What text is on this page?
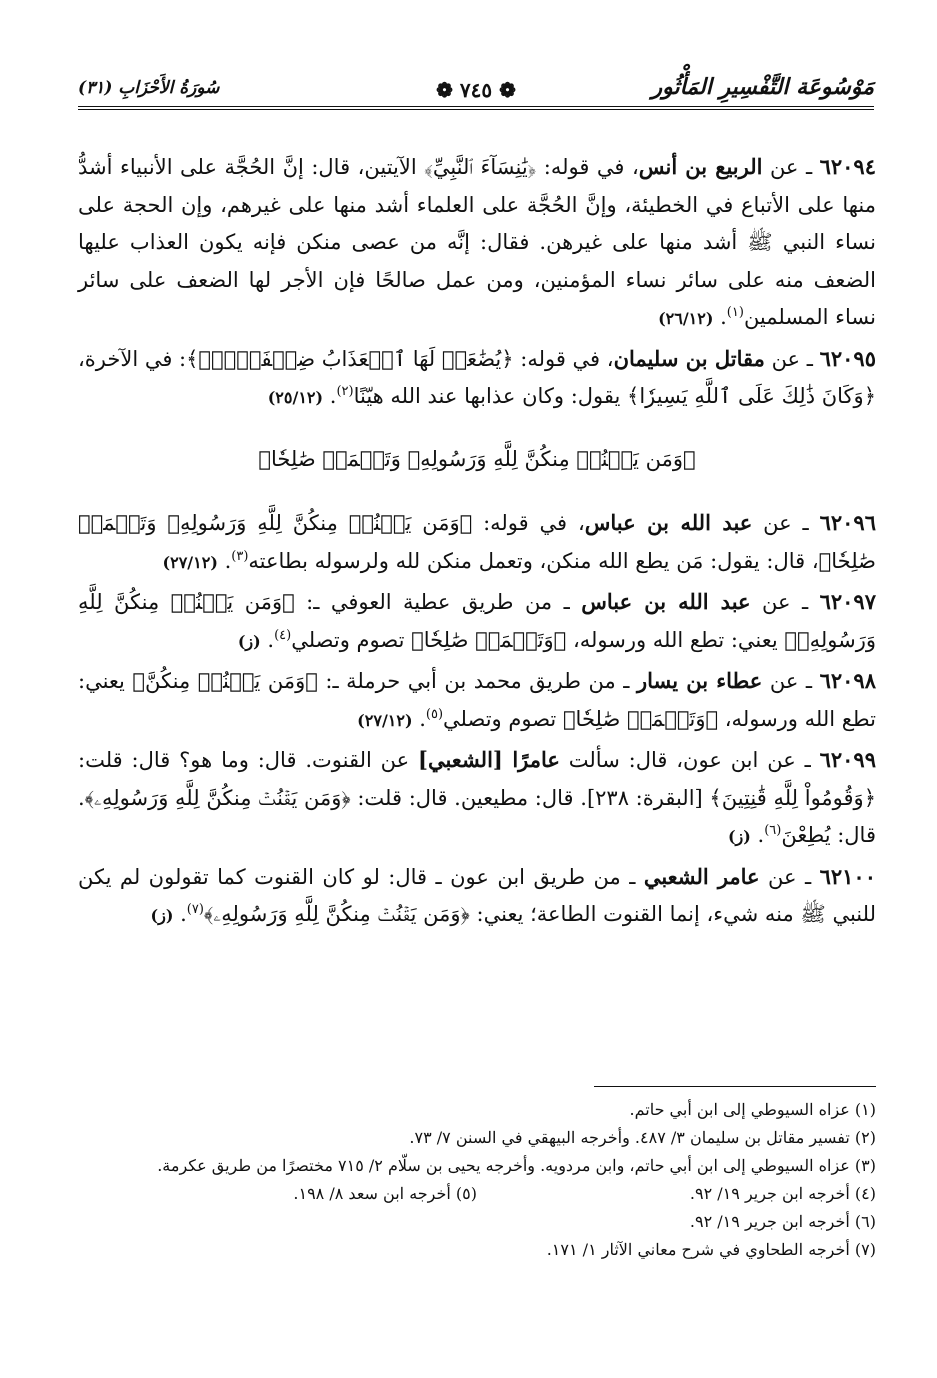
مَوْسُوعَة التَّفْسِيرِ المَأْثُور
❁ ٧٤٥ ❁
سُورَةُ الأَحْزَابِ (٣١)

٦٢٠٩٤ ـ عن الربيع بن أنس، في قوله: ﴿يَٰنِسَآءَ ٱلنَّبِيِّ﴾ الآيتين، قال: إنَّ الحُجَّة على الأنبياء أشدُّ منها على الأتباع في الخطيئة، وإنَّ الحُجَّة على العلماء أشد منها على غيرهم، وإن الحجة على نساء النبي ﷺ أشد منها على غيرهن. فقال: إنَّه من عصى منكن فإنه يكون العذاب عليها الضعف منه على سائر نساء المؤمنين، ومن عمل صالحًا فإن الأجر لها الضعف على سائر نساء المسلمين$^{(١)}$. (٢٦/١٢)

٦٢٠٩٥ ـ عن مقاتل بن سليمان، في قوله: ﴿يُضَٰعَفۡ لَهَا ٱلۡعَذَابُ ضِعۡفَيۡنِۚ﴾: في الآخرة، ﴿وَكَانَ ذَٰلِكَ عَلَى ٱللَّهِ يَسِيرٗا﴾ يقول: وكان عذابها عند الله هيّنًا$^{(٢)}$. (٢٥/١٢)

﴿وَمَن يَقۡنُتۡ مِنكُنَّ لِلَّهِ وَرَسُولِهِۦ وَتَعۡمَلۡ صَٰلِحٗا﴾

٦٢٠٩٦ ـ عن عبد الله بن عباس، في قوله: ﴿وَمَن يَقۡنُتۡ مِنكُنَّ لِلَّهِ وَرَسُولِهِۦ وَتَعۡمَلۡ صَٰلِحٗا﴾، قال: يقول: مَن يطع الله منكن، وتعمل منكن لله ولرسوله بطاعته$^{(٣)}$. (٢٧/١٢)

٦٢٠٩٧ ـ عن عبد الله بن عباس ـ من طريق عطية العوفي ـ: ﴿وَمَن يَقۡنُتۡ مِنكُنَّ لِلَّهِ وَرَسُولِهِۦ﴾ يعني: تطع الله ورسوله، ﴿وَتَعۡمَلۡ صَٰلِحٗا﴾ تصوم وتصلي$^{(٤)}$. (ز)

٦٢٠٩٨ ـ عن عطاء بن يسار ـ من طريق محمد بن أبي حرملة ـ: ﴿وَمَن يَقۡنُتۡ مِنكُنَّ﴾ يعني: تطع الله ورسوله، ﴿وَتَعۡمَلۡ صَٰلِحٗا﴾ تصوم وتصلي$^{(٥)}$. (٢٧/١٢)

٦٢٠٩٩ ـ عن ابن عون، قال: سألت عامرًا [الشعبي] عن القنوت. قال: وما هو؟ قال: قلت: ﴿وَقُومُواْ لِلَّهِ قَٰنِتِينَ﴾ [البقرة: ٢٣٨]. قال: مطيعين. قال: قلت: ﴿وَمَن يَقۡنُتۡ مِنكُنَّ لِلَّهِ وَرَسُولِهِۦ﴾. قال: يُطِعْنَ$^{(٦)}$. (ز)

٦٢١٠٠ ـ عن عامر الشعبي ـ من طريق ابن عون ـ قال: لو كان القنوت كما تقولون لم يكن للنبي ﷺ منه شيء، إنما القنوت الطاعة؛ يعني: ﴿وَمَن يَقۡنُتۡ مِنكُنَّ لِلَّهِ وَرَسُولِهِۦ﴾$^{(٧)}$. (ز)

(١) عزاه السيوطي إلى ابن أبي حاتم.

(٢) تفسير مقاتل بن سليمان ٣/ ٤٨٧. وأخرجه البيهقي في السنن ٧/ ٧٣.

(٣) عزاه السيوطي إلى ابن أبي حاتم، وابن مردويه. وأخرجه يحيى بن سلّام ٢/ ٧١٥ مختصرًا من طريق عكرمة.

(٤) أخرجه ابن جرير ١٩/ ٩٢.
(٥) أخرجه ابن سعد ٨/ ١٩٨.

(٦) أخرجه ابن جرير ١٩/ ٩٢.

(٧) أخرجه الطحاوي في شرح معاني الآثار ١/ ١٧١.
